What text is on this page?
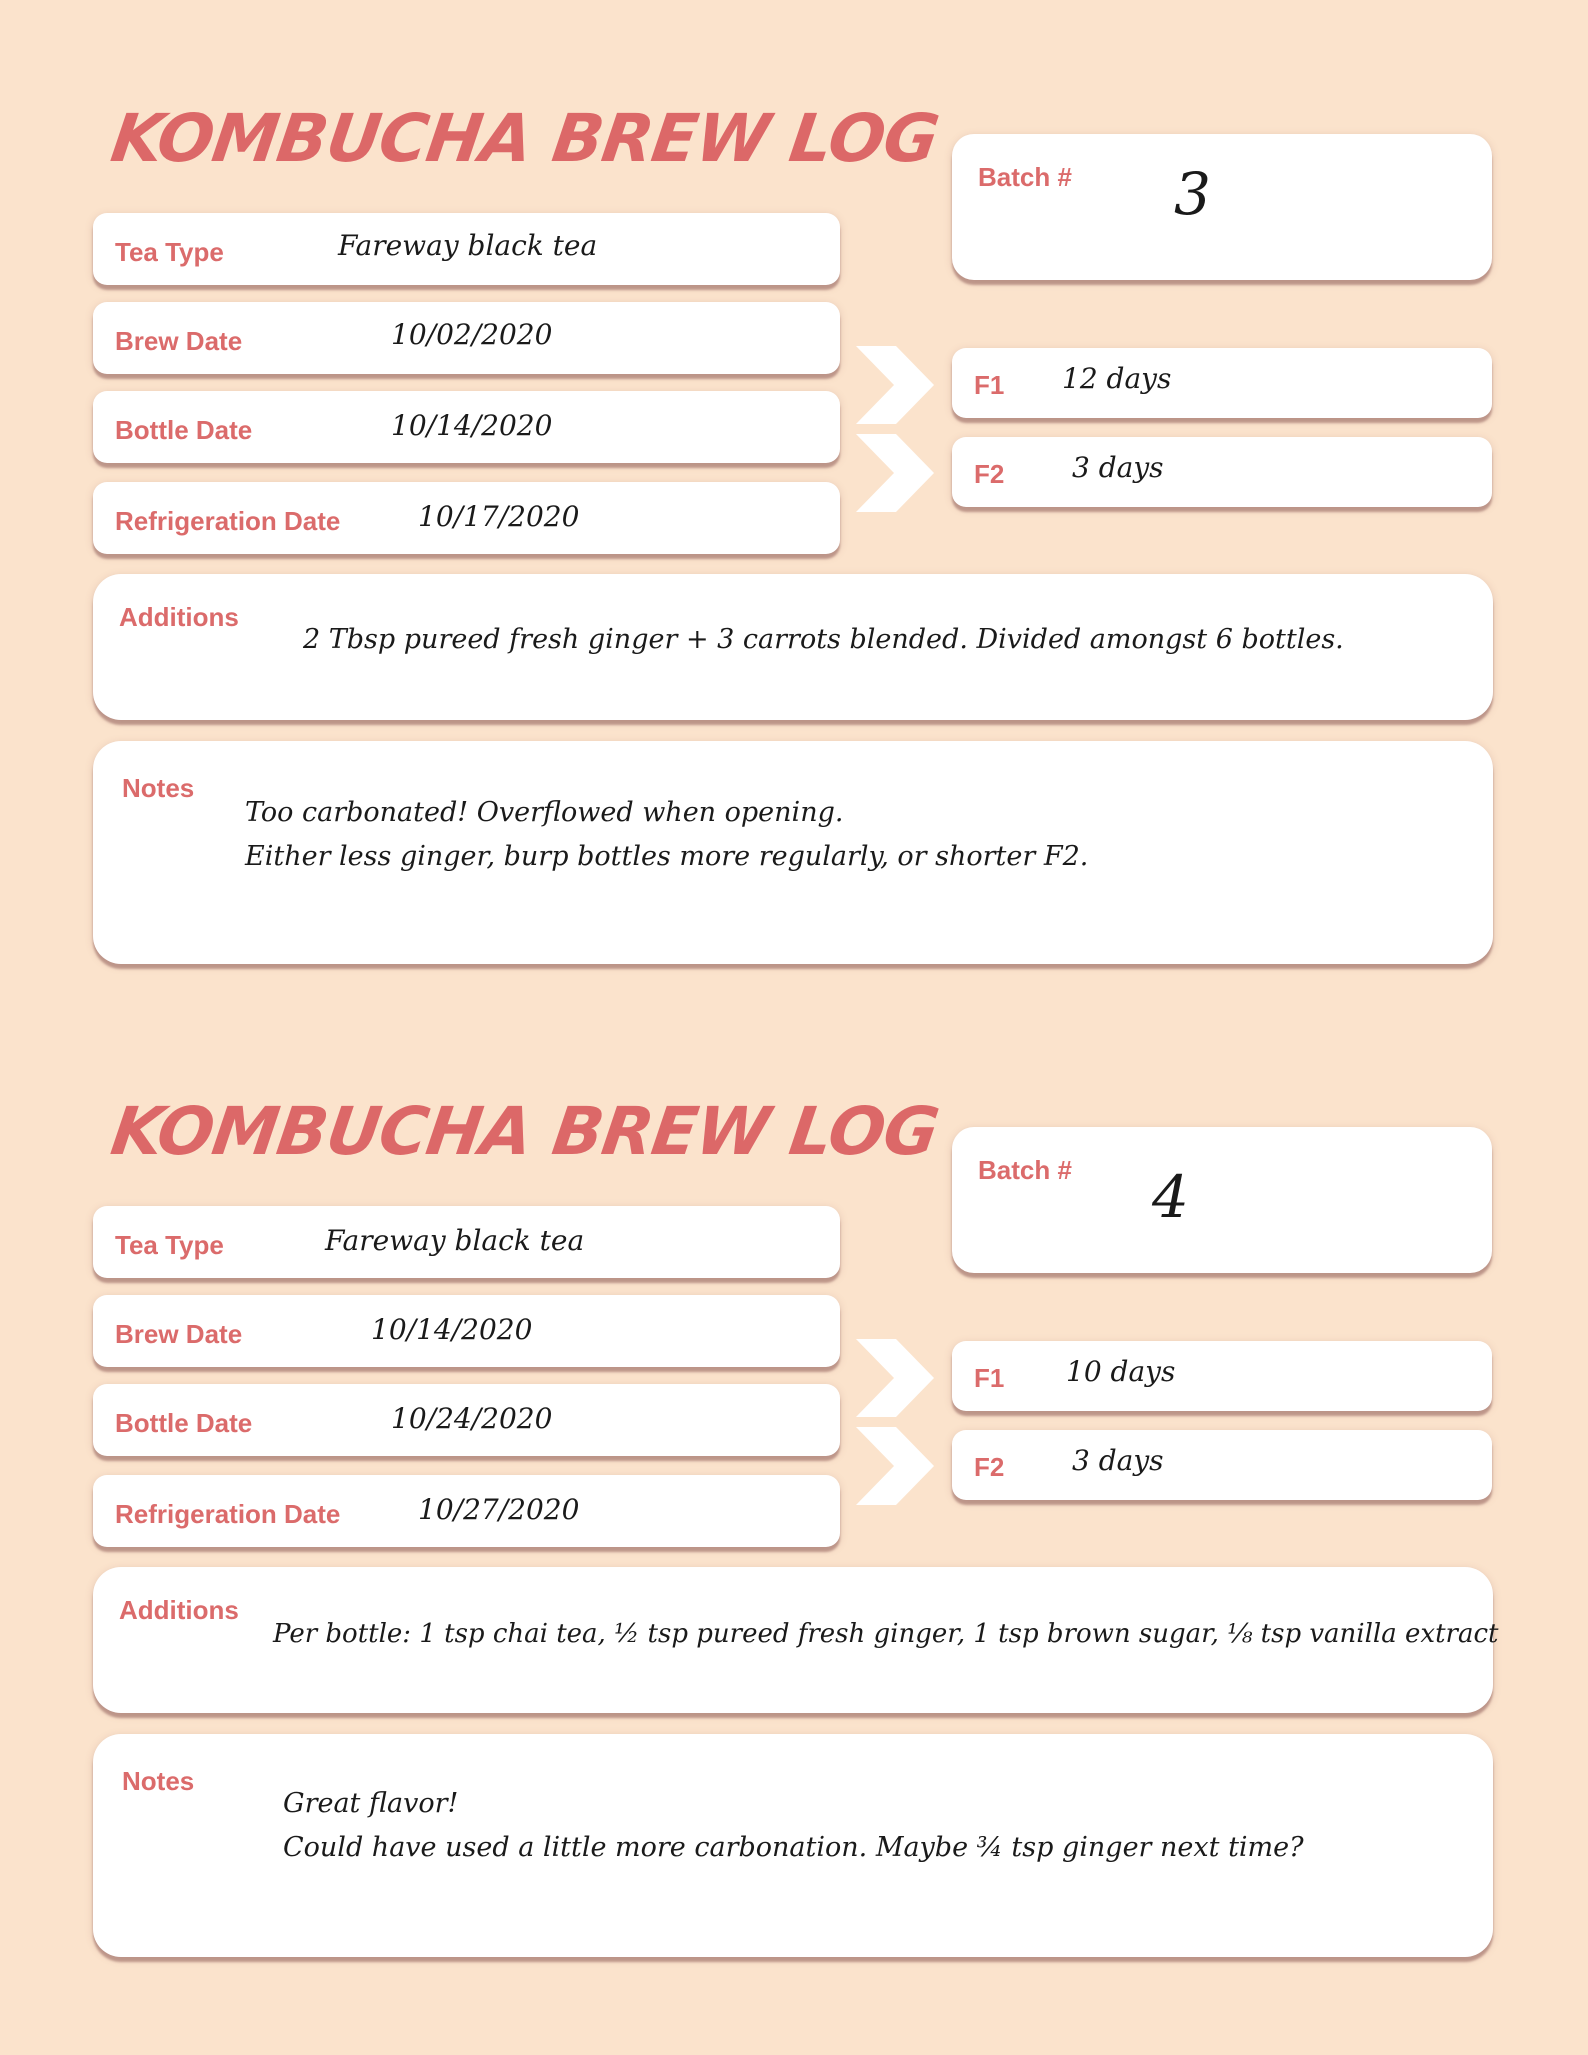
KOMBUCHA BREW LOG Batch # 3
Tea Type	Fareway black tea
Brew Date	10/02/2020
Bottle Date	10/14/2020
Refrigeration Date	10/17/2020
F1 12 days
F2 3 days
Additions
2 Tbsp pureed fresh ginger + 3 carrots blended. Divided amongst 6 bottles.
Notes
Too carbonated! Overflowed when opening.
Either less ginger, burp bottles more regularly, or shorter F2.
KOMBUCHA BREW LOG Batch # 4
Tea Type	Fareway black tea
Brew Date	10/14/2020
Bottle Date	10/24/2020
Refrigeration Date	10/27/2020
F1 10 days
F2 3 days
Additions
Per bottle: 1 tsp chai tea, ½ tsp pureed fresh ginger, 1 tsp brown sugar, ⅛ tsp vanilla extract
Notes
Great flavor!
Could have used a little more carbonation. Maybe ¾ tsp ginger next time?
